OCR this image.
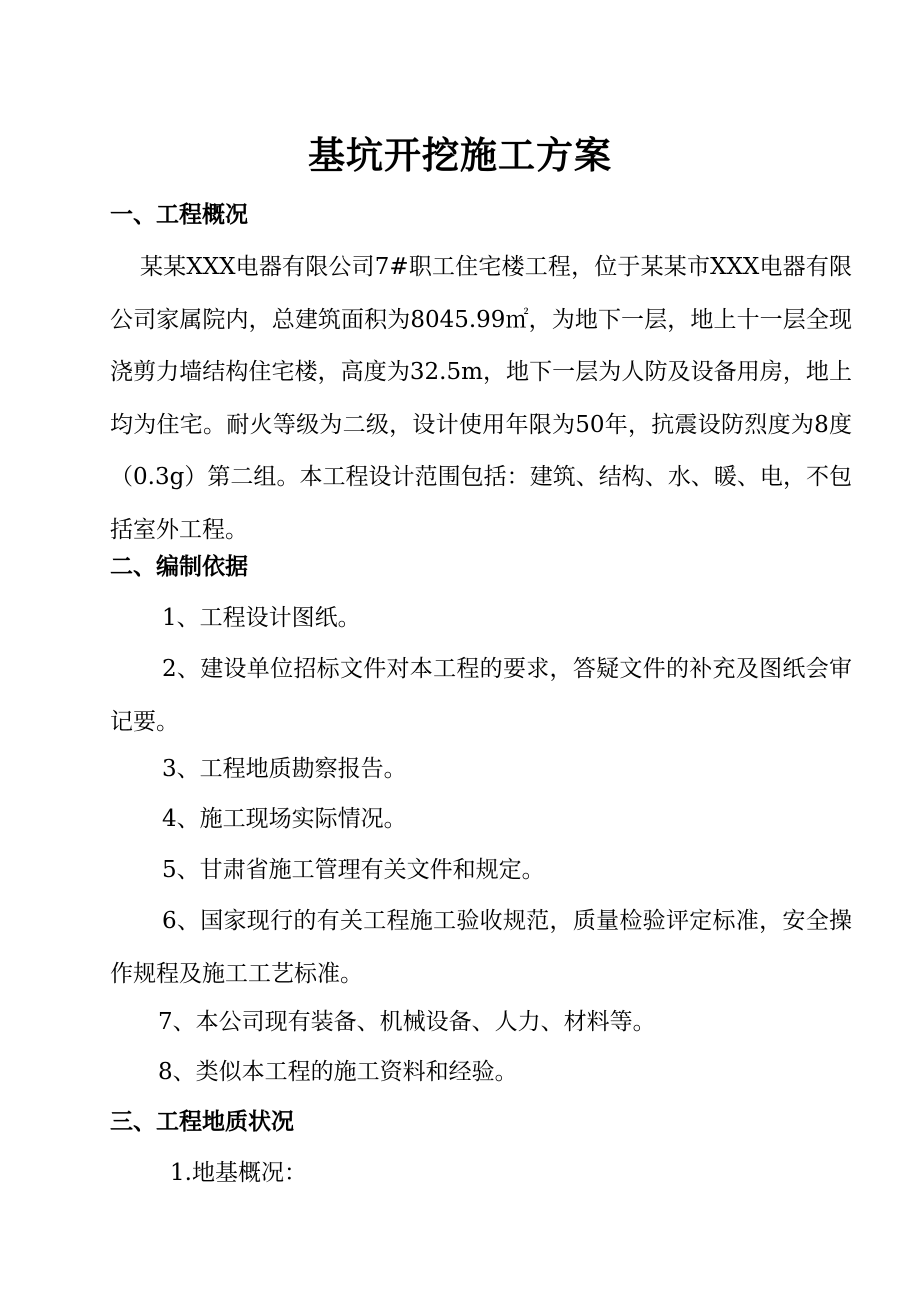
基坑开挖施工方案
一、工程概况
某某XXX电器有限公司7#职工住宅楼工程，位于某某市XXX电器有限公司家属院内，总建筑面积为8045.99㎡，为地下一层，地上十一层全现浇剪力墙结构住宅楼，高度为32.5m，地下一层为人防及设备用房，地上均为住宅。耐火等级为二级，设计使用年限为50年，抗震设防烈度为8度（0.3g）第二组。本工程设计范围包括：建筑、结构、水、暖、电，不包括室外工程。
二、编制依据
1、工程设计图纸。
2、建设单位招标文件对本工程的要求，答疑文件的补充及图纸会审记要。
3、工程地质勘察报告。
4、施工现场实际情况。
5、甘肃省施工管理有关文件和规定。
6、国家现行的有关工程施工验收规范，质量检验评定标准，安全操作规程及施工工艺标准。
7、本公司现有装备、机械设备、人力、材料等。
8、类似本工程的施工资料和经验。
三、工程地质状况
1.地基概况：
